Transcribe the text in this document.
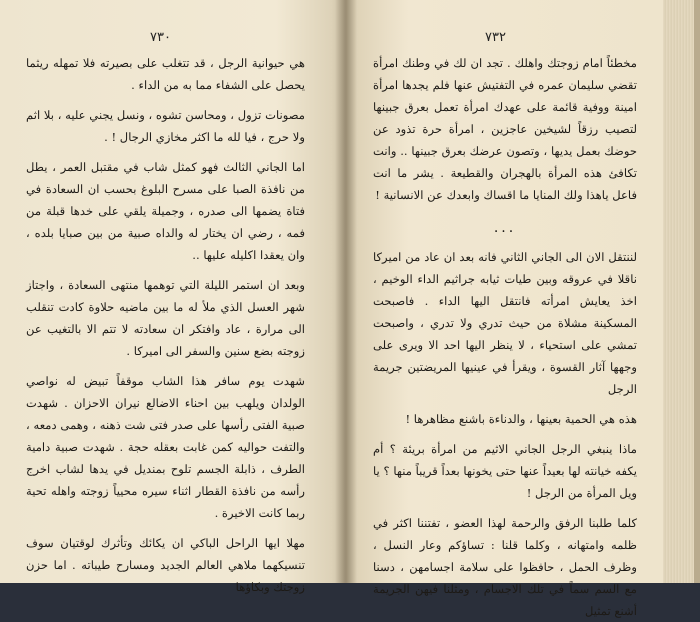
٧٣٠

هي حيوانية الرجل ، قد تتغلب على بصيرته فلا تمهله ريثما يحصل على الشفاء مما به من الداء .

مصونات تزول ، ومحاسن تشوه ، ونسل يجني عليه ، بلا اثم ولا حرج ، فيا لله ما اكثر مخازي الرجال ! .

اما الجاني الثالث فهو كمثل شاب في مقتبل العمر ، يطل من نافذة الصبا على مسرح البلوغ بحسب ان السعادة في فتاة يضمها الى صدره ، وجميلة يلقي على خدها قبلة من فمه ، رضي ان يختار له والداه صبية من بين صبايا بلده ، وان يعقدا اكليله عليها ..

وبعد ان استمر الليلة التي توهمها منتهى السعادة ، واجتاز شهر العسل الذي ملأ له ما بين ماضيه حلاوة كادت تنقلب الى مرارة ، عاد وافتكر ان سعادته لا تتم الا بالتغيب عن زوجته بضع سنين والسفر الى اميركا .

شهدت يوم سافر هذا الشاب موقفاً تبيض له نواصي الولدان ويلهب بين احناء الاضالع نيران الاحزان . شهدت صبية الفتى رأسها على صدر فتى شت ذهنه ، وهمى دمعه ، والتفت حواليه كمن غابت بعقله حجة . شهدت صبية دامية الطرف ، ذابلة الجسم تلوح بمنديل في يدها لشاب اخرج رأسه من نافذة القطار اثناء سيره محيياً زوجته واهله تحية ربما كانت الاخيرة .

مهلا ايها الراحل الباكي ان يكائك وتأثرك لوقتيان سوف تنسيكهما ملاهي العالم الجديد ومسارح طيباته . اما حزن زوجتك وبكاؤها

٧٣٢

مخطئاً امام زوجتك واهلك . تجد ان لك في وطنك امرأة تقضي سليمان عمره في التفتيش عنها فلم يجدها امرأة امينة ووفية قائمة على عهدك امرأة تعمل بعرق جبينها لتصيب رزقاً لشيخين عاجزين ، امرأة حرة تذود عن حوضك بعمل يديها ، وتصون عرضك بعرق جبينها .. وانت تكافئ هذه المرأة بالهجران والقطيعة . يشر ما انت فاعل ياهذا ولك المنايا ما اقساك وابعدك عن الانسانية !

...

لننتقل الان الى الجاني الثاني فانه بعد ان عاد من اميركا ناقلا في عروقه وبين طيات ثيابه جراثيم الداء الوخيم ، اخذ يعايش امرأته فانتقل اليها الداء . فاصبحت المسكينة مشلاة من حيث تدري ولا تدري ، واصبحت تمشي على استحياء ، لا ينظر اليها احد الا ويرى على وجهها آثار القسوة ، ويقرأ في عينيها المريضتين جريمة الرجل

هذه هي الحمية بعينها ، والدناءة باشنع مظاهرها !

ماذا ينبغي الرجل الجاني الاثيم من امرأة بريئة ؟ أم يكفه خيانته لها بعيداً عنها حتى يخونها بعداً قريباً منها ؟ يا ويل المرأة من الرجل !

كلما طلبنا الرفق والرحمة لهذا العضو ، تفتننا اكثر في ظلمه وامتهانه ، وكلما قلنا : تساؤكم وعار النسل ، وظرف الحمل ، حافظوا على سلامة اجسامهن ، دسنا مع السم سماً في تلك الاجسام ، ومثلنا فيهن الجريمة أشنع تمثيل
